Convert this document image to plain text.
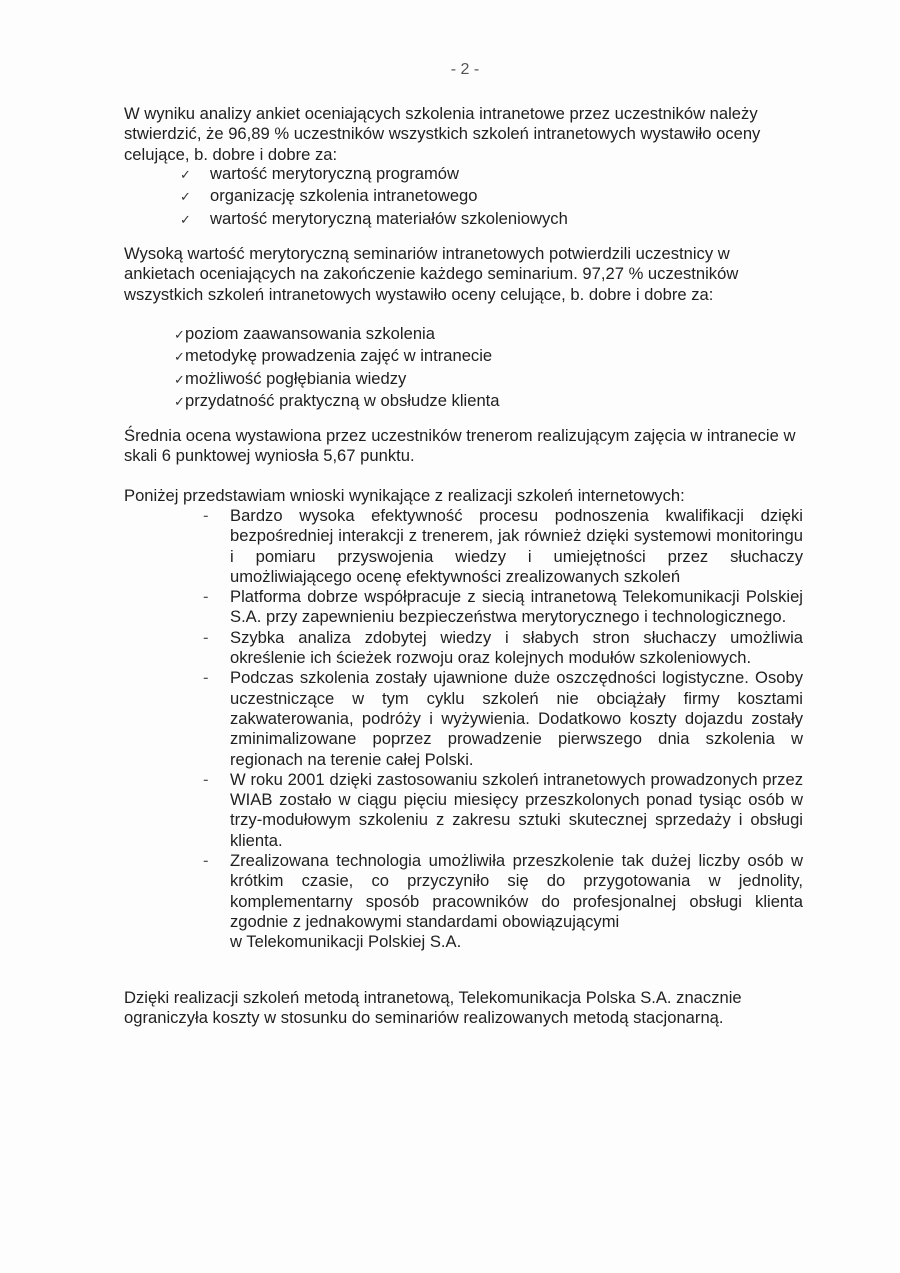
- 2 -

W wyniku analizy ankiet oceniających szkolenia intranetowe przez uczestników należy stwierdzić, że 96,89 % uczestników wszystkich szkoleń intranetowych wystawiło oceny celujące, b. dobre i dobre za:

✓ wartość merytoryczną programów
✓ organizację szkolenia intranetowego
✓ wartość merytoryczną materiałów szkoleniowych

Wysoką wartość merytoryczną seminariów intranetowych potwierdzili uczestnicy w ankietach oceniających na zakończenie każdego seminarium. 97,27 % uczestników wszystkich szkoleń intranetowych wystawiło oceny celujące, b. dobre i dobre za:

✓poziom zaawansowania szkolenia
✓metodykę prowadzenia zajęć w intranecie
✓możliwość pogłębiania wiedzy
✓przydatność praktyczną w obsłudze klienta

Średnia ocena wystawiona przez uczestników trenerom realizującym zajęcia w intranecie w skali 6 punktowej wyniosła 5,67 punktu.

Poniżej przedstawiam wnioski wynikające z realizacji szkoleń internetowych:

- Bardzo wysoka efektywność procesu podnoszenia kwalifikacji dzięki bezpośredniej interakcji z trenerem, jak również dzięki systemowi monitoringu i pomiaru przyswojenia wiedzy i umiejętności przez słuchaczy umożliwiającego ocenę efektywności zrealizowanych szkoleń
- Platforma dobrze współpracuje z siecią intranetową Telekomunikacji Polskiej S.A. przy zapewnieniu bezpieczeństwa merytorycznego i technologicznego.
- Szybka analiza zdobytej wiedzy i słabych stron słuchaczy umożliwia określenie ich ścieżek rozwoju oraz kolejnych modułów szkoleniowych.
- Podczas szkolenia zostały ujawnione duże oszczędności logistyczne. Osoby uczestniczące w tym cyklu szkoleń nie obciążały firmy kosztami zakwaterowania, podróży i wyżywienia. Dodatkowo koszty dojazdu zostały zminimalizowane poprzez prowadzenie pierwszego dnia szkolenia w regionach na terenie całej Polski.
- W roku 2001 dzięki zastosowaniu szkoleń intranetowych prowadzonych przez WIAB zostało w ciągu pięciu miesięcy przeszkolonych ponad tysiąc osób w trzy-modułowym szkoleniu z zakresu sztuki skutecznej sprzedaży i obsługi klienta.
- Zrealizowana technologia umożliwiła przeszkolenie tak dużej liczby osób w krótkim czasie, co przyczyniło się do przygotowania w jednolity, komplementarny sposób pracowników do profesjonalnej obsługi klienta zgodnie z jednakowymi standardami obowiązującymi
w Telekomunikacji Polskiej S.A.

Dzięki realizacji szkoleń metodą intranetową, Telekomunikacja Polska S.A. znacznie ograniczyła koszty w stosunku do seminariów realizowanych metodą stacjonarną.
